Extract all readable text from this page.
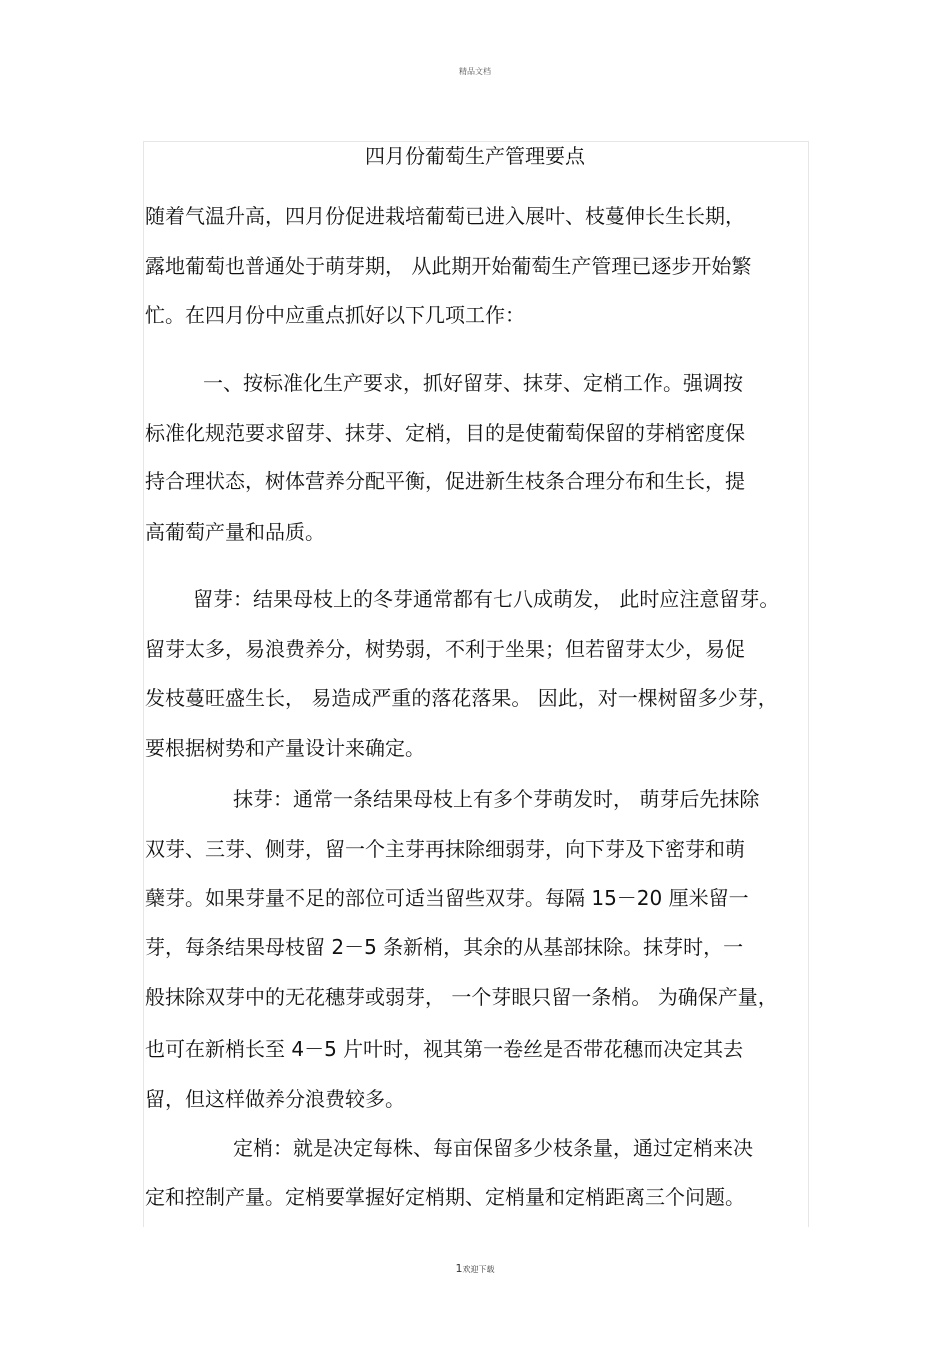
精品文档
四月份葡萄生产管理要点
随着气温升高，四月份促进栽培葡萄已进入展叶、枝蔓伸长生长期，
露地葡萄也普通处于萌芽期， 从此期开始葡萄生产管理已逐步开始繁
忙。在四月份中应重点抓好以下几项工作：
一、按标准化生产要求，抓好留芽、抹芽、定梢工作。强调按
标准化规范要求留芽、抹芽、定梢，目的是使葡萄保留的芽梢密度保
持合理状态，树体营养分配平衡，促进新生枝条合理分布和生长，提
高葡萄产量和品质。
留芽：结果母枝上的冬芽通常都有七八成萌发， 此时应注意留芽。
留芽太多，易浪费养分，树势弱，不利于坐果；但若留芽太少，易促
发枝蔓旺盛生长， 易造成严重的落花落果。 因此，对一棵树留多少芽，
要根据树势和产量设计来确定。
抹芽：通常一条结果母枝上有多个芽萌发时， 萌芽后先抹除
双芽、三芽、侧芽，留一个主芽再抹除细弱芽，向下芽及下密芽和萌
蘖芽。如果芽量不足的部位可适当留些双芽。每隔 15－20 厘米留一
芽，每条结果母枝留 2－5 条新梢，其余的从基部抹除。抹芽时，一
般抹除双芽中的无花穗芽或弱芽， 一个芽眼只留一条梢。 为确保产量，
也可在新梢长至 4－5 片叶时，视其第一卷丝是否带花穗而决定其去
留，但这样做养分浪费较多。
定梢：就是决定每株、每亩保留多少枝条量，通过定梢来决
定和控制产量。定梢要掌握好定梢期、定梢量和定梢距离三个问题。
1欢迎下载
